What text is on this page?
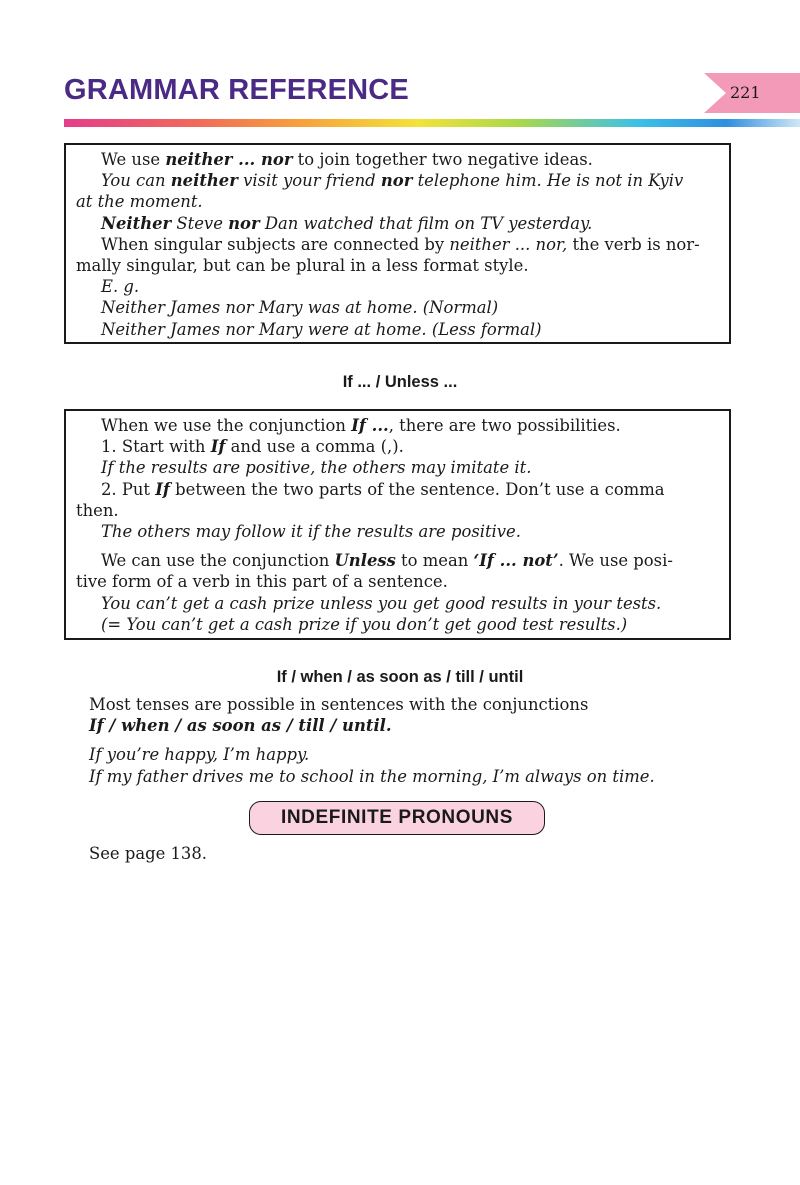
GRAMMAR REFERENCE	221
We use neither ... nor to join together two negative ideas.
You can neither visit your friend nor telephone him. He is not in Kyiv
at the moment.
Neither Steve nor Dan watched that film on TV yesterday.
When singular subjects are connected by neither ... nor, the verb is nor-
mally singular, but can be plural in a less format style.
E. g.
Neither James nor Mary was at home. (Normal)
Neither James nor Mary were at home. (Less formal)
If ... / Unless ...
When we use the conjunction If ..., there are two possibilities.
1. Start with If and use a comma (,).
If the results are positive, the others may imitate it.
2. Put If between the two parts of the sentence. Don’t use a comma
then.
The others may follow it if the results are positive.
We can use the conjunction Unless to mean ‘If ... not’. We use posi-
tive form of a verb in this part of a sentence.
You can’t get a cash prize unless you get good results in your tests.
(= You can’t get a cash prize if you don’t get good test results.)
If / when / as soon as / till / until
Most tenses are possible in sentences with the conjunctions
If / when / as soon as / till / until.
If you’re happy, I’m happy.
If my father drives me to school in the morning, I’m always on time.
INDEFINITE PRONOUNS
See page 138.
